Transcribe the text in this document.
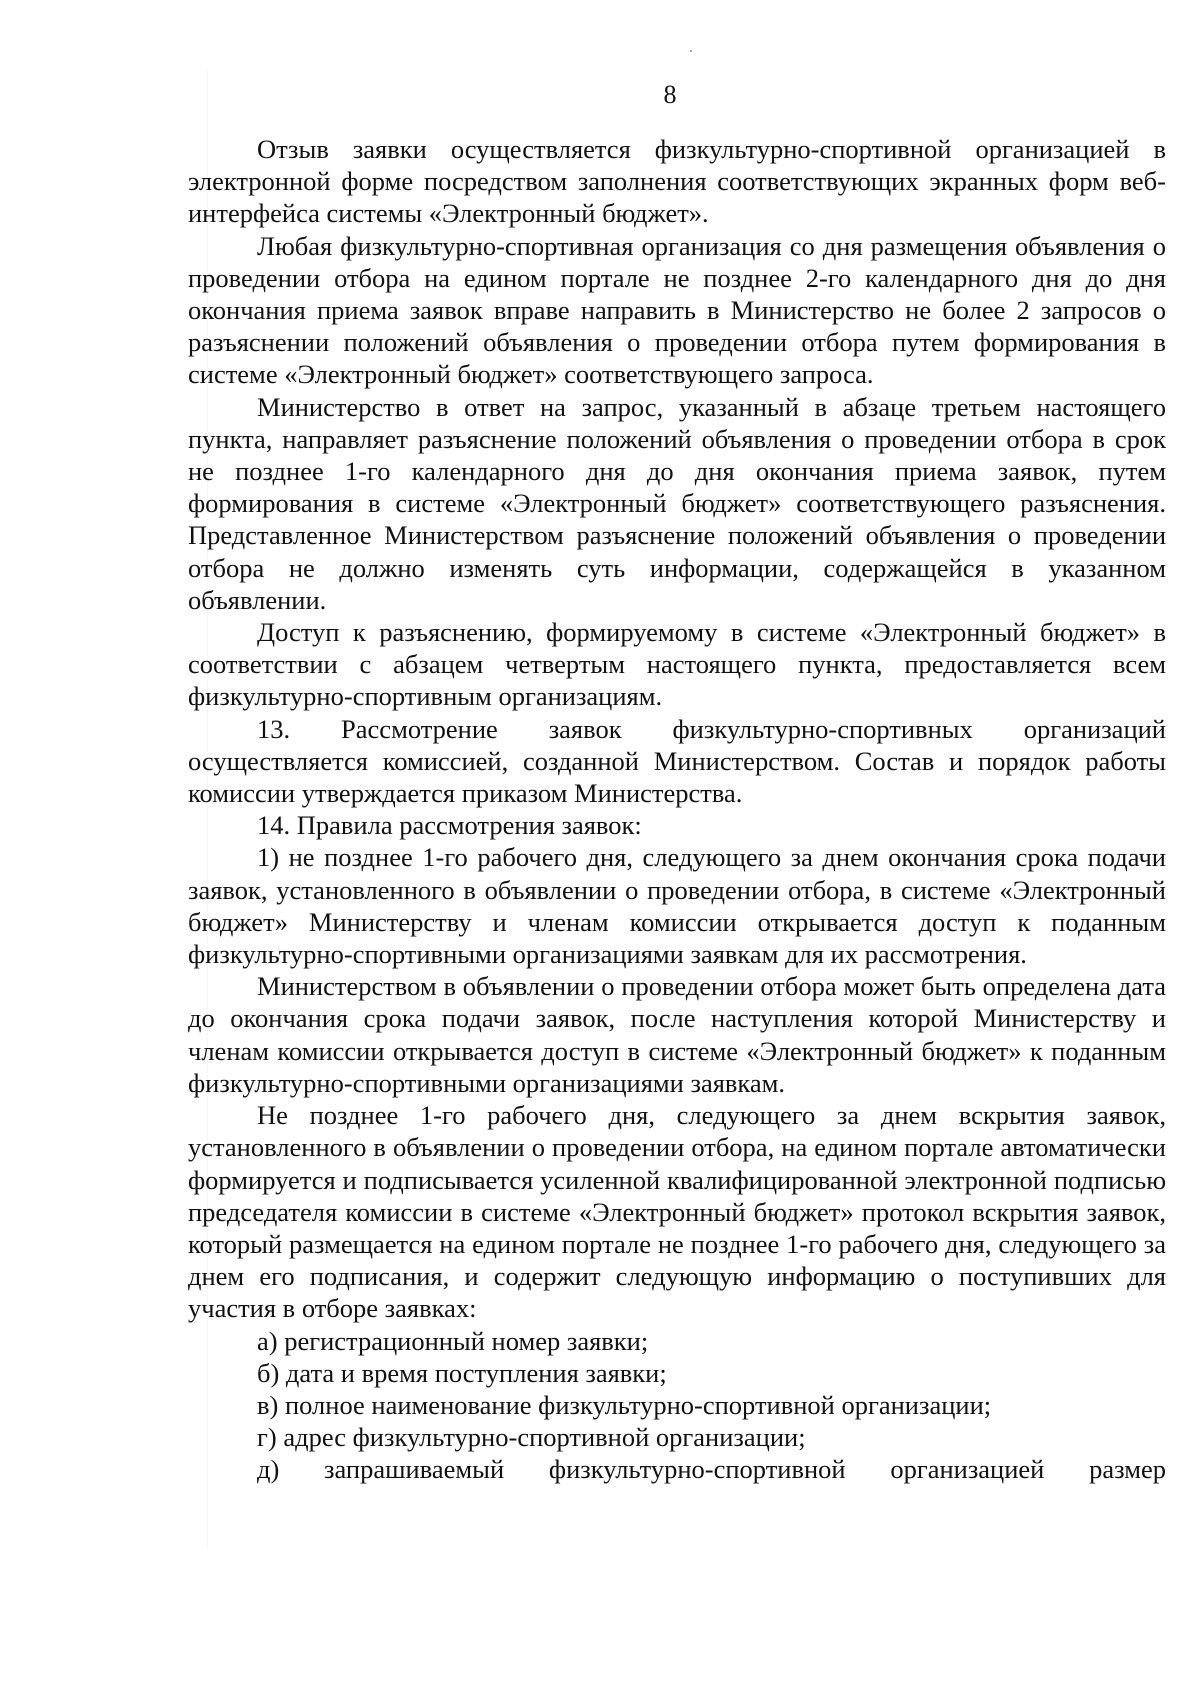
8

Отзыв заявки осуществляется физкультурно-спортивной организацией в электронной форме посредством заполнения соответствующих экранных форм веб-интерфейса системы «Электронный бюджет».

Любая физкультурно-спортивная организация со дня размещения объявления о проведении отбора на едином портале не позднее 2-го календарного дня до дня окончания приема заявок вправе направить в Министерство не более 2 запросов о разъяснении положений объявления о проведении отбора путем формирования в системе «Электронный бюджет» соответствующего запроса.

Министерство в ответ на запрос, указанный в абзаце третьем настоящего пункта, направляет разъяснение положений объявления о проведении отбора в срок не позднее 1-го календарного дня до дня окончания приема заявок, путем формирования в системе «Электронный бюджет» соответствующего разъяснения. Представленное Министерством разъяснение положений объявления о проведении отбора не должно изменять суть информации, содержащейся в указанном объявлении.

Доступ к разъяснению, формируемому в системе «Электронный бюджет» в соответствии с абзацем четвертым настоящего пункта, предоставляется всем физкультурно-спортивным организациям.

13. Рассмотрение заявок физкультурно-спортивных организаций осуществляется комиссией, созданной Министерством. Состав и порядок работы комиссии утверждается приказом Министерства.

14. Правила рассмотрения заявок:

1) не позднее 1-го рабочего дня, следующего за днем окончания срока подачи заявок, установленного в объявлении о проведении отбора, в системе «Электронный бюджет» Министерству и членам комиссии открывается доступ к поданным физкультурно-спортивными организациями заявкам для их рассмотрения.

Министерством в объявлении о проведении отбора может быть определена дата до окончания срока подачи заявок, после наступления которой Министерству и членам комиссии открывается доступ в системе «Электронный бюджет» к поданным физкультурно-спортивными организациями заявкам.

Не позднее 1-го рабочего дня, следующего за днем вскрытия заявок, установленного в объявлении о проведении отбора, на едином портале автоматически формируется и подписывается усиленной квалифицированной электронной подписью председателя комиссии в системе «Электронный бюджет» протокол вскрытия заявок, который размещается на едином портале не позднее 1-го рабочего дня, следующего за днем его подписания, и содержит следующую информацию о поступивших для участия в отборе заявках:

а) регистрационный номер заявки;

б) дата и время поступления заявки;

в) полное наименование физкультурно-спортивной организации;

г) адрес физкультурно-спортивной организации;

д) запрашиваемый физкультурно-спортивной организацией размер
